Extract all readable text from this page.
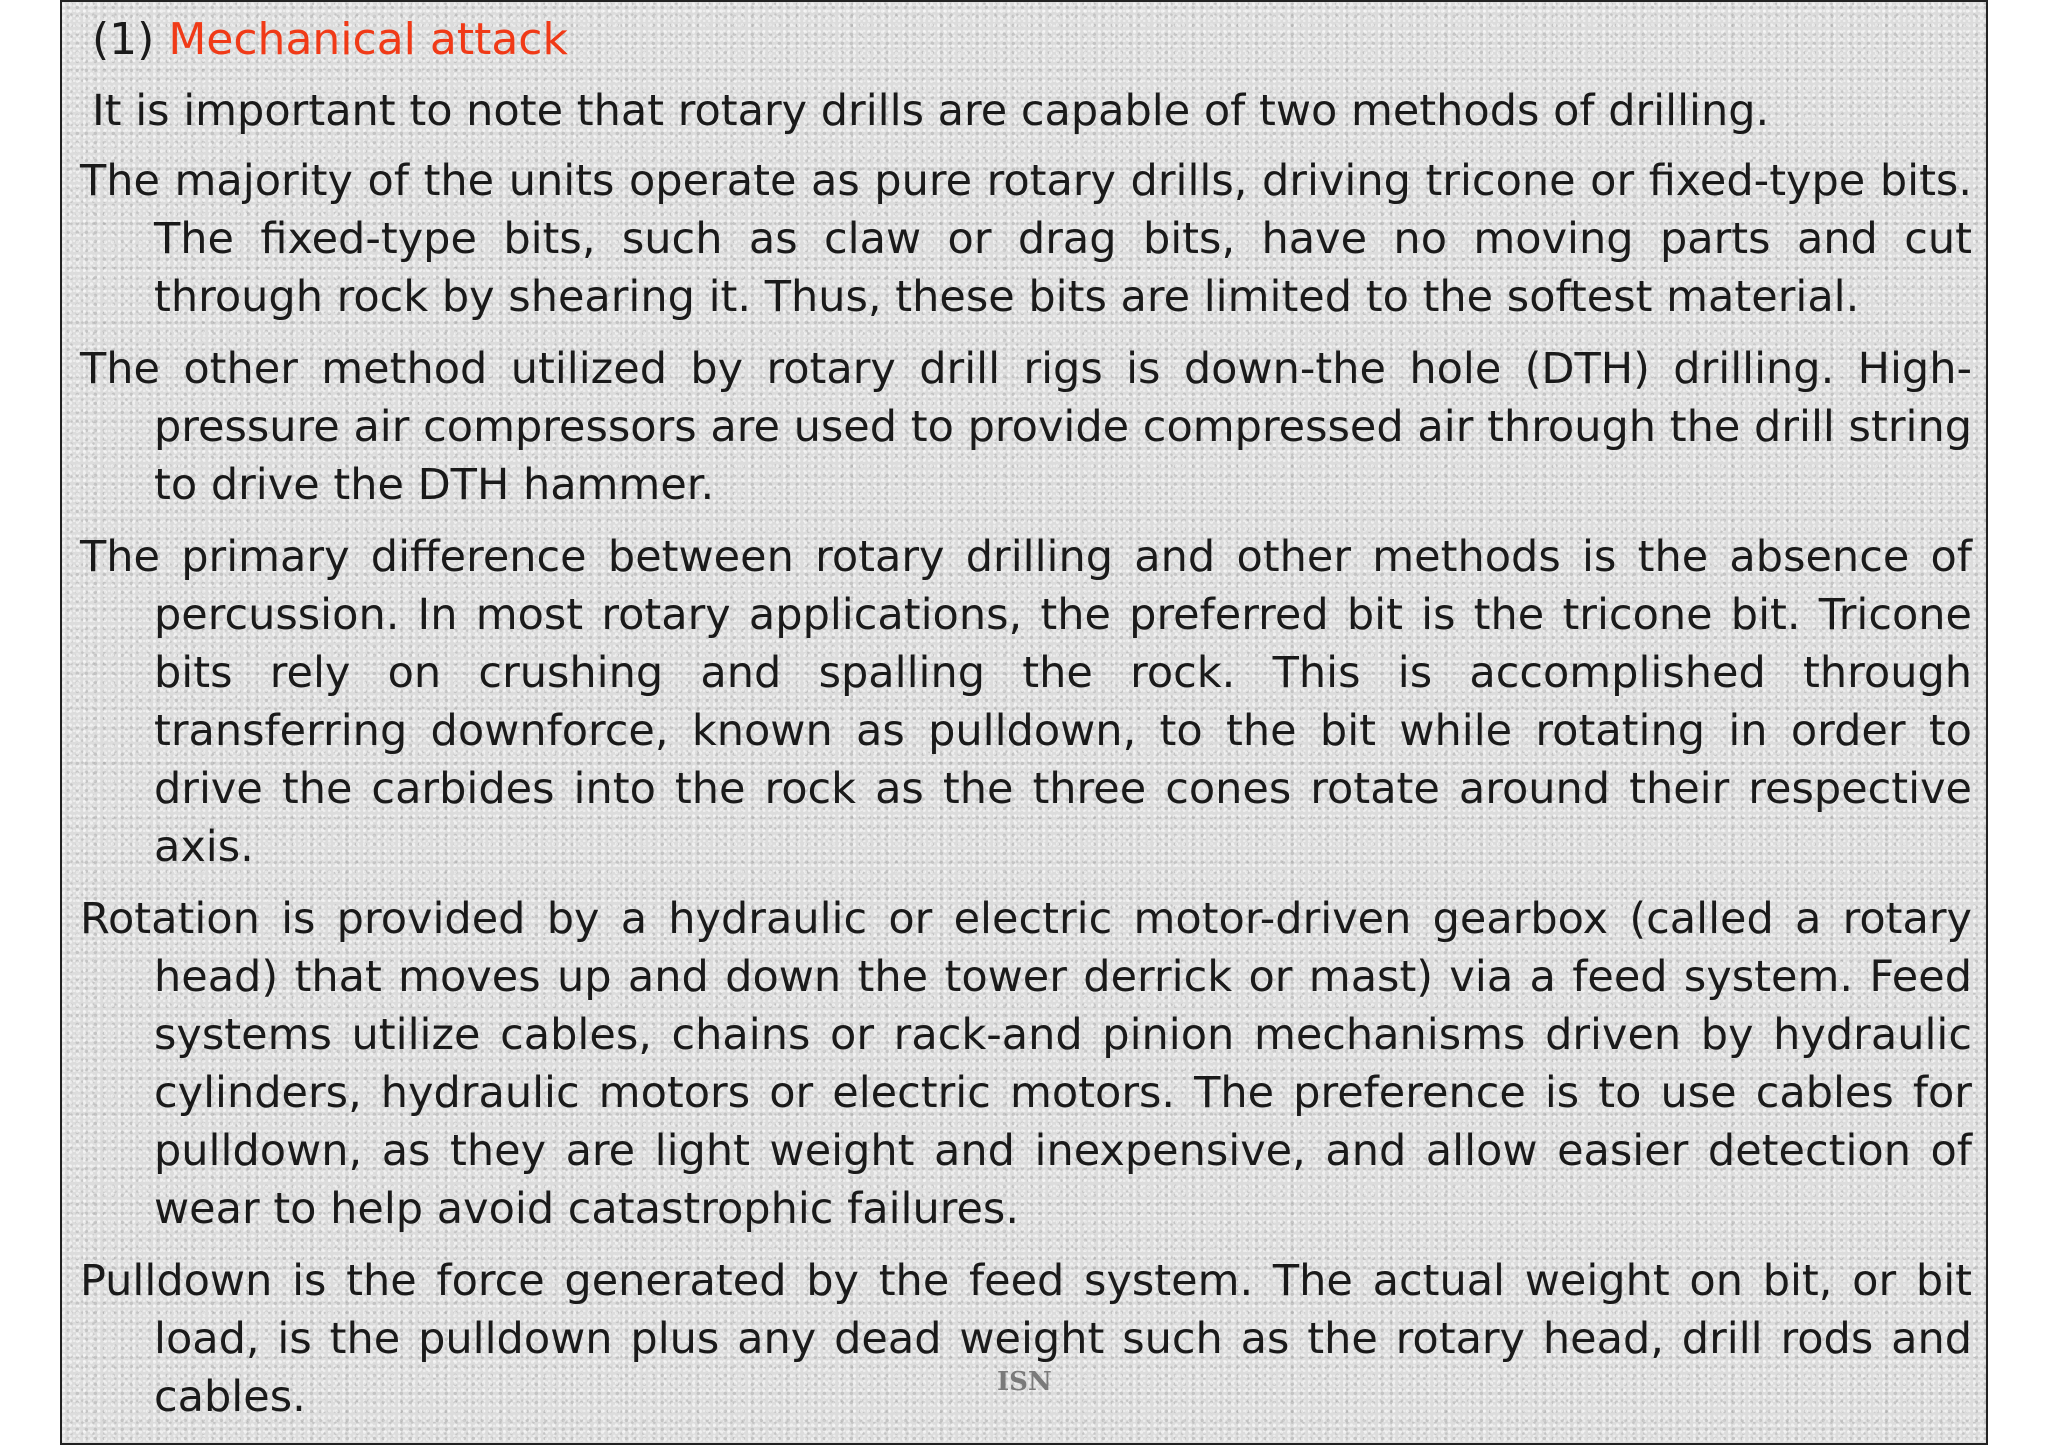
(1) Mechanical attack

It is important to note that rotary drills are capable of two methods of drilling.

The majority of the units operate as pure rotary drills, driving tricone or fixed-type bits. The fixed-type bits, such as claw or drag bits, have no moving parts and cut through rock by shearing it. Thus, these bits are limited to the softest material.

The other method utilized by rotary drill rigs is down-the hole (DTH) drilling. High-pressure air compressors are used to provide compressed air through the drill string to drive the DTH hammer.

The primary difference between rotary drilling and other methods is the absence of percussion. In most rotary applications, the preferred bit is the tricone bit. Tricone bits rely on crushing and spalling the rock. This is accomplished through transferring downforce, known as pulldown, to the bit while rotating in order to drive the carbides into the rock as the three cones rotate around their respective axis.

Rotation is provided by a hydraulic or electric motor-driven gearbox (called a rotary head) that moves up and down the tower derrick or mast) via a feed system. Feed systems utilize cables, chains or rack-and pinion mechanisms driven by hydraulic cylinders, hydraulic motors or electric motors. The preference is to use cables for pulldown, as they are light weight and inexpensive, and allow easier detection of wear to help avoid catastrophic failures.

Pulldown is the force generated by the feed system. The actual weight on bit, or bit load, is the pulldown plus any dead weight such as the rotary head, drill rods and cables.	ISN
